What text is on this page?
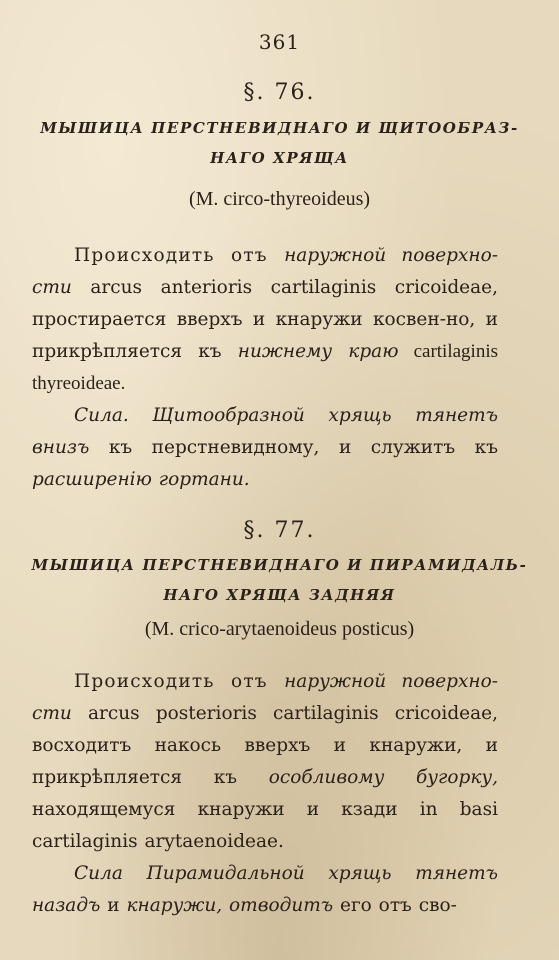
361
§. 76.
МЫШИЦА ПЕРСТНЕВИДНАГО И ЩИТООБРАЗ-
НАГО ХРЯЩА
(M. circo-thyreoideus)

Происходить отъ наружной поверхно- сти arcus anterioris cartilaginis cricoideae, простирается вверхъ и кнаружи косвен-но, и прикрѣпляется къ нижнему краю cartilaginis thyreoideae.

Сила. Щитообразной хрящь тянетъ внизъ къ перстневидному, и служитъ къ расширенію гортани.

§. 77.
МЫШИЦА ПЕРСТНЕВИДНАГО И ПИРАМИДАЛЬ-
НАГО ХРЯЩА ЗАДНЯЯ
(M. crico-arytaenoideus posticus)

Происходить отъ наружной поверхно- сти arcus posterioris cartilaginis cricoideae, восходитъ накось вверхъ и кнаружи, и прикрѣпляется къ особливому бугорку, находящемуся кнаружи и кзади in basi cartilaginis arytaenoideae.

Сила Пирамидальной хрящь тянетъ назадъ и кнаружи, отводитъ его отъ сво-
